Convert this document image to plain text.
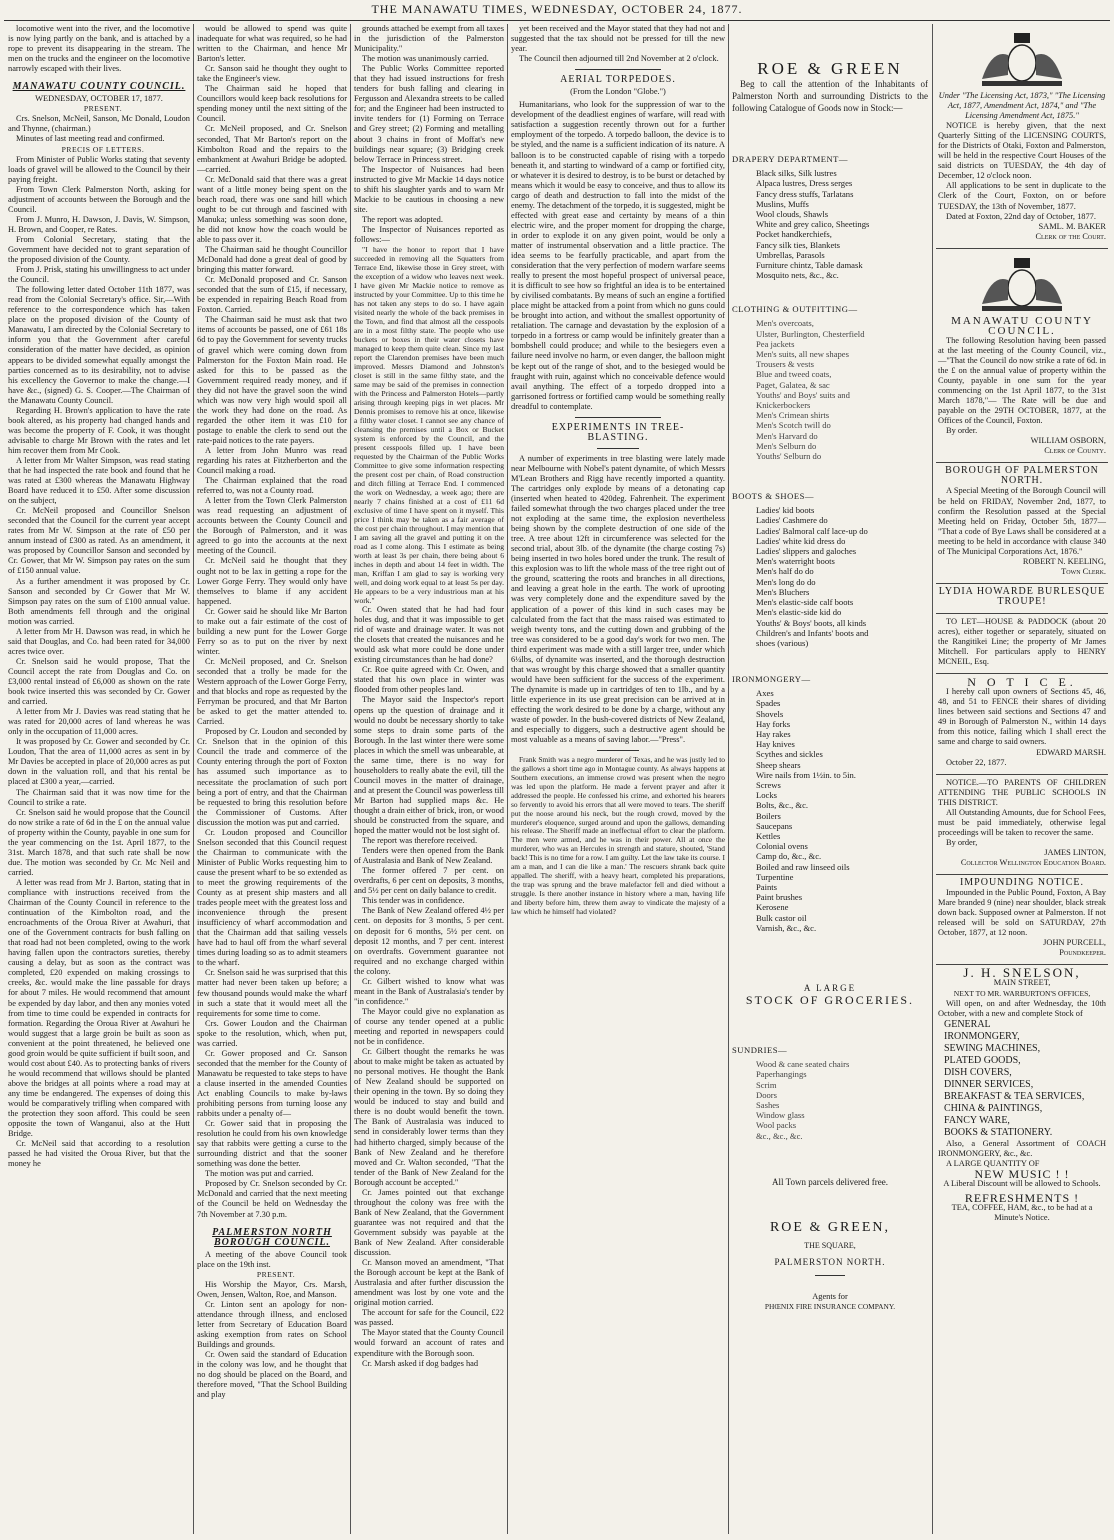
THE MANAWATU TIMES, WEDNESDAY, OCTOBER 24, 1877.

locomotive went into the river, and the locomotive is now lying partly on the bank, and is attached by a rope to prevent its disappearing in the stream. The men on the trucks and the engineer on the locomotive narrowly escaped with their lives.

MANAWATU COUNTY COUNCIL.

WEDNESDAY, OCTOBER 17, 1877.

PRESENT.

Crs. Snelson, McNeil, Sanson, Mc Donald, Loudon and Thynne, (chairman.)

Minutes of last meeting read and confirmed.

PRECIS OF LETTERS.

From Minister of Public Works stating that seventy loads of gravel will be allowed to the Council by their paying freight.

From Town Clerk Palmerston North, asking for adjustment of accounts between the Borough and the Council.

From J. Munro, H. Dawson, J. Davis, W. Simpson, H. Brown, and Cooper, re Rates.

From Colonial Secretary, stating that the Government have decided not to grant separation of the proposed division of the County.

From J. Prisk, stating his unwillingness to act under the Council.

The following letter dated October 11th 1877, was read from the Colonial Secretary's office. Sir,—With reference to the correspondence which has taken place on the proposed division of the County of Manawatu, I am directed by the Colonial Secretary to inform you that the Government after careful consideration of the matter have decided, as opinion appears to be divided somewhat equally amongst the parties concerned as to its desirability, not to advise his excellency the Governor to make the change.—I have &c., (signed) G. S. Cooper.—The Chairman of the Manawatu County Council.

Regarding H. Brown's application to have the rate book altered, as his property had changed hands and was become the property of F. Cook, it was thought advisable to charge Mr Brown with the rates and let him recover them from Mr Cook.

A letter from Mr Walter Simpson, was read stating that he had inspected the rate book and found that he was rated at £300 whereas the Manawatu Highway Board have reduced it to £50. After some discussion on the subject,

Cr. McNeil proposed and Councillor Snelson seconded that the Council for the current year accept rates from Mr W. Simpson at the rate of £50 per annum instead of £300 as rated. As an amendment, it was proposed by Councillor Sanson and seconded by Cr. Gower, that Mr W. Simpson pay rates on the sum of £150 annual value.

As a further amendment it was proposed by Cr. Sanson and seconded by Cr Gower that Mr W. Simpson pay rates on the sum of £100 annual value. Both amendments fell through and the original motion was carried.

A letter from Mr H. Dawson was read, in which he said that Douglas, and Co. had been rated for 34,000 acres twice over.

Cr. Snelson said he would propose, That the Council accept the rate from Douglas and Co. on £3,000 rental instead of £6,000 as shown on the rate book twice inserted this was seconded by Cr. Gower and carried.

A letter from Mr J. Davies was read stating that he was rated for 20,000 acres of land whereas he was only in the occupation of 11,000 acres.

It was proposed by Cr. Gower and seconded by Cr. Loudon, That the area of 11,000 acres as sent in by Mr Davies be accepted in place of 20,000 acres as put down in the valuation roll, and that his rental be placed at £300 a year,—carried.

The Chairman said that it was now time for the Council to strike a rate.

Cr. Snelson said he would propose that the Council do now strike a rate of 6d in the £ on the annual value of property within the County, payable in one sum for the year commencing on the 1st. April 1877, to the 31st. March 1878, and that such rate shall be now due. The motion was seconded by Cr. Mc Neil and carried.

A letter was read from Mr J. Barton, stating that in compliance with instructions received from the Chairman of the County Council in reference to the continuation of the Kimbolton road, and the encroachments of the Oroua River at Awahuri, that one of the Government contracts for bush falling on that road had not been completed, owing to the work having fallen upon the contractors sureties, thereby causing a delay, but as soon as the contract was completed, £20 expended on making crossings to creeks, &c. would make the line passable for drays for about 7 miles. He would recommend that amount be expended by day labor, and then any monies voted from time to time could be expended in contracts for formation. Regarding the Oroua River at Awahuri he would suggest that a large groin be built as soon as convenient at the point threatened, he believed one good groin would be quite sufficient if built soon, and would cost about £40. As to protecting banks of rivers he would recommend that willows should be planted above the bridges at all points where a road may at any time be endangered. The expenses of doing this would be comparatively trifling when compared with the protection they soon afford. This could be seen opposite the town of Wanganui, also at the Hutt Bridge.

Cr. McNeil said that according to a resolution passed he had visited the Oroua River, but that the money he

would be allowed to spend was quite inadequate for what was required, so he had written to the Chairman, and hence Mr Barton's letter.

Cr. Sanson said he thought they ought to take the Engineer's view.

The Chairman said he hoped that Councillors would keep back resolutions for spending money until the next sitting of the Council.

Cr. McNeil proposed, and Cr. Snelson seconded, That Mr Barton's report on the Kimbolton Road and the repairs to the embankment at Awahuri Bridge be adopted.—carried.

Cr. McDonald said that there was a great want of a little money being spent on the beach road, there was one sand hill which ought to be cut through and fascined with Manuka; unless something was soon done, he did not know how the coach would be able to pass over it.

The Chairman said he thought Councillor McDonald had done a great deal of good by bringing this matter forward.

Cr. McDonald proposed and Cr. Sanson seconded that the sum of £15, if necessary, be expended in repairing Beach Road from Foxton. Carried.

The Chairman said he must ask that two items of accounts be passed, one of £61 18s 6d to pay the Government for seventy trucks of gravel which were coming down from Palmerston for the Foxton Main road. He asked for this to be passed as the Government required ready money, and if they did not have the gravel soon the wind which was now very high would spoil all the work they had done on the road. As regarded the other item it was £10 for postage to enable the clerk to send out the rate-paid notices to the rate payers.

A letter from John Munro was read regarding his rates at Fitzherberton and the Council making a road.

The Chairman explained that the road referred to, was not a County road.

A letter from the Town Clerk Palmerston was read requesting an adjustment of accounts between the County Council and the Borough of Palmerston, and it was agreed to go into the accounts at the next meeting of the Council.

Cr. McNeil said he thought that they ought not to be lax in getting a rope for the Lower Gorge Ferry. They would only have themselves to blame if any accident happened.

Cr. Gower said he should like Mr Barton to make out a fair estimate of the cost of building a new punt for the Lower Gorge Ferry so as to put on the river by next winter.

Cr. McNeil proposed, and Cr. Snelson seconded that a trolly be made for the Western approach of the Lower Gorge Ferry, and that blocks and rope as requested by the Ferryman be procured, and that Mr Barton be asked to get the matter attended to. Carried.

Proposed by Cr. Loudon and seconded by Cr. Snelson that in the opinion of this Council the trade and commerce of the County entering through the port of Foxton has assumed such importance as to necessitate the proclamation of such port being a port of entry, and that the Chairman be requested to bring this resolution before the Commissioner of Customs. After discussion the motion was put and carried.

Cr. Loudon proposed and Councillor Snelson seconded that this Council request the Chairman to communicate with the Minister of Public Works requesting him to cause the present wharf to be so extended as to meet the growing requirements of the County as at present ship masters and all trades people meet with the greatest loss and inconvenience through the present insufficiency of wharf accommodation and that the Chairman add that sailing vessels have had to haul off from the wharf several times during loading so as to admit steamers to the wharf.

Cr. Snelson said he was surprised that this matter had never been taken up before; a few thousand pounds would make the wharf in such a state that it would meet all the requirements for some time to come.

Crs. Gower Loudon and the Chairman spoke to the resolution, which, when put, was carried.

Cr. Gower proposed and Cr. Sanson seconded that the member for the County of Manawatu be requested to take steps to have a clause inserted in the amended Counties Act enabling Councils to make by-laws prohibiting persons from turning loose any rabbits under a penalty of—

Cr. Gower said that in proposing the resolution he could from his own knowledge say that rabbits were getting a curse to the surrounding district and that the sooner something was done the better.

The motion was put and carried.

Proposed by Cr. Snelson seconded by Cr. McDonald and carried that the next meeting of the Council be held on Wednesday the 7th November at 7.30 p.m.

PALMERSTON NORTH BOROUGH COUNCIL.

A meeting of the above Council took place on the 19th inst.

PRESENT.

His Worship the Mayor, Crs. Marsh, Owen, Jensen, Walton, Roe, and Manson.

Cr. Linton sent an apology for non-attendance through illness, and enclosed letter from Secretary of Education Board asking exemption from rates on School Buildings and grounds.

Cr. Owen said the standard of Education in the colony was low, and he thought that no dog should be placed on the Board, and therefore moved, "That the School Building and play

grounds attached be exempt from all taxes in the jurisdiction of the Palmerston Municipality."

The motion was unanimously carried.

The Public Works Committee reported that they had issued instructions for fresh tenders for bush falling and clearing in Fergusson and Alexandra streets to be called for; and the Engineer had been instructed to invite tenders for (1) Forming on Terrace and Grey street; (2) Forming and metalling about 3 chains in front of Moffat's new buildings near square; (3) Bridging creek below Terrace in Princess street.

The Inspector of Nuisances had been instructed to give Mr Mackie 14 days notice to shift his slaughter yards and to warn Mr Mackie to be cautious in choosing a new site.

The report was adopted.

The Inspector of Nuisances reported as follows:—

"I have the honor to report that I have succeeded in removing all the Squatters from Terrace End, likewise those in Grey street, with the exception of a widow who leaves next week. I have given Mr Mackie notice to remove as instructed by your Committee. Up to this time he has not taken any steps to do so. I have again visited nearly the whole of the back premises in the Town, and find that almost all the cesspools are in a most filthy state. The people who use buckets or boxes in their water closets have managed to keep them quite clean. Since my last report the Clarendon premises have been much improved. Messrs Diamond and Johnston's closet is still in the same filthy state, and the same may be said of the premises in connection with the Princess and Palmerston Hotels—partly arising through keeping pigs in wet places. Mr Dennis promises to remove his at once, likewise a filthy water closet. I cannot see any chance of cleansing the premises until a Box or Bucket system is enforced by the Council, and the present cesspools filled up. I have been requested by the Chairman of the Public Works Committee to give some information respecting the present cost per chain, of Road construction and ditch filling at Terrace End. I commenced the work on Wednesday, a week ago; there are nearly 7 chains finished at a cost of £11 6d exclusive of time I have spent on it myself. This price I think may be taken as a fair average of the cost per chain throughout. I may mention that I am saving all the gravel and putting it on the road as I come along. This I estimate as being worth at least 3s per chain, there being about 6 inches in depth and about 14 feet in width. The man, Kriffan I am glad to say is working very well, and doing work equal to at least 5s per day. He appears to be a very industrious man at his work."

Cr. Owen stated that he had had four holes dug, and that it was impossible to get rid of waste and drainage water. It was not the closets that created the nuisances and he would ask what more could be done under existing circumstances than he had done?

Cr. Roe quite agreed with Cr. Owen, and stated that his own place in winter was flooded from other peoples land.

The Mayor said the Inspector's report opens up the question of drainage and it would no doubt be necessary shortly to take some steps to drain some parts of the Borough. In the last winter there were some places in which the smell was unbearable, at the same time, there is no way for householders to really abate the evil, till the Council moves in the matter of drainage, and at present the Council was powerless till Mr Barton had supplied maps &c. He thought a drain either of brick, iron, or wood should be constructed from the square, and hoped the matter would not be lost sight of.

The report was therefore received.

Tenders were then opened from the Bank of Australasia and Bank of New Zealand.

The former offered 7 per cent. on overdrafts, 6 per cent on deposits, 3 months, and 5½ per cent on daily balance to credit.

This tender was in confidence.

The Bank of New Zealand offered 4½ per cent. on deposits for 3 months, 5 per cent. on deposit for 6 months, 5½ per cent. on deposit 12 months, and 7 per cent. interest on overdrafts. Government guarantee not required and no exchange charged within the colony.

Cr. Gilbert wished to know what was meant in the Bank of Australasia's tender by "in confidence."

The Mayor could give no explanation as of course any tender opened at a public meeting and reported in newspapers could not be in confidence.

Cr. Gilbert thought the remarks he was about to make might be taken as actuated by no personal motives. He thought the Bank of New Zealand should be supported on their opening in the town. By so doing they would be induced to stay and build and there is no doubt would benefit the town. The Bank of Australasia was induced to send in considerably lower terms than they had hitherto charged, simply because of the Bank of New Zealand and he therefore moved and Cr. Walton seconded, "That the tender of the Bank of New Zealand for the Borough account be accepted."

Cr. James pointed out that exchange throughout the colony was free with the Bank of New Zealand, that the Government guarantee was not required and that the Government subsidy was payable at the Bank of New Zealand. After considerable discussion.

Cr. Manson moved an amendment, "That the Borough account be kept at the Bank of Australasia and after further discussion the amendment was lost by one vote and the original motion carried.

The account for safe for the Council, £22 was passed.

The Mayor stated that the County Council would forward an account of rates and expenditure with the Borough soon.

Cr. Marsh asked if dog badges had

yet been received and the Mayor stated that they had not and suggested that the tax should not be pressed for till the new year.

The Council then adjourned till 2nd November at 2 o'clock.

AERIAL TORPEDOES.
(From the London "Globe.")

Humanitarians, who look for the suppression of war to the development of the deadliest engines of warfare, will read with satisfaction a suggestion recently thrown out for a further employment of the torpedo. A torpedo balloon, the device is to be styled, and the name is a sufficient indication of its nature. A balloon is to be constructed capable of rising with a torpedo beneath it, and starting to windward of a camp or fortified city, or whatever it is desired to destroy, is to be burst or detached by means which it would be easy to conceive, and thus to allow its cargo of death and destruction to fall into the midst of the enemy. The detachment of the torpedo, it is suggested, might be effected with great ease and certainty by means of a thin electric wire, and the proper moment for dropping the charge, in order to explode it on any given point, would be only a matter of instrumental observation and a little practice. The idea seems to be fearfully practicable, and apart from the consideration that the very perfection of modern warfare seems really to present the most hopeful prospect of universal peace, it is difficult to see how so frightful an idea is to be entertained by civilised combatants. By means of such an engine a fortified place might be attacked from a point from which no guns could be brought into action, and without the smallest opportunity of retaliation. The carnage and devastation by the explosion of a torpedo in a fortress or camp would be infinitely greater than a bombshell could produce; and while to the besiegers even a failure need involve no harm, or even danger, the balloon might be kept out of the range of shot, and to the besieged would be fraught with ruin, against which no conceivable defence would avail anything. The effect of a torpedo dropped into a garrisoned fortress or fortified camp would be something really dreadful to contemplate.

EXPERIMENTS IN TREE-BLASTING.

A number of experiments in tree blasting were lately made near Melbourne with Nobel's patent dynamite, of which Messrs M'Lean Brothers and Rigg have recently imported a quantity. The cartridges only explode by means of a detonating cap (inserted when heated to 420deg. Fahrenheit. The experiment failed somewhat through the two charges placed under the tree not exploding at the same time, the explosion nevertheless being shown by the complete destruction of one side of the tree. A tree about 12ft in circumference was selected for the second trial, about 3lb. of the dynamite (the charge costing 7s) being inserted in two holes bored under the trunk. The result of this explosion was to lift the whole mass of the tree right out of the ground, scattering the roots and branches in all directions, and leaving a great hole in the earth. The work of uprooting was very completely done and the expenditure saved by the application of a power of this kind in such cases may be calculated from the fact that the mass raised was estimated to weigh twenty tons, and the cutting down and grubbing of the tree was considered to be a good day's work for two men. The third experiment was made with a still larger tree, under which 6¼lbs, of dynamite was inserted, and the thorough destruction that was wrought by this charge showed that a smaller quantity would have been sufficient for the success of the experiment. The dynamite is made up in cartridges of ten to 1lb., and by a little experience in its use great precision can be arrived at in effecting the work desired to be done by a charge, without any waste of powder. In the bush-covered districts of New Zealand, and especially to diggers, such a destructive agent should be most valuable as a means of saving labor.—"Press".

Frank Smith was a negro murderer of Texas, and he was justly led to the gallows a short time ago in Montague county. As always happens at Southern executions, an immense crowd was present when the negro was led upon the platform. He made a fervent prayer and after it addressed the people. He confessed his crime, and exhorted his hearers so fervently to avoid his errors that all were moved to tears. The sheriff put the noose around his neck, but the rough crowd, moved by the murderer's eloquence, surged around and upon the gallows, demanding his release. The Sheriff made an ineffectual effort to clear the platform. The men were armed, and he was in their power. All at once the murderer, who was an Hercules in strength and stature, shouted, 'Stand back! This is no time for a row. I am guilty. Let the law take its course. I am a man, and I can die like a man.' The rescuers shrank back quite appalled. The sheriff, with a heavy heart, completed his preparations, the trap was sprung and the brave malefactor fell and died without a struggle. Is there another instance in history where a man, having life and liberty before him, threw them away to vindicate the majesty of a law which he himself had violated?

ROE & GREEN

Beg to call the attention of the Inhabitants of Palmerston North and surrounding Districts to the following Catalogue of Goods now in Stock:—

DRAPERY DEPARTMENT—
Black silks, Silk lustres
Alpaca lustres, Dress serges
Fancy dress stuffs, Tarlatans
Muslins, Muffs
Wool clouds, Shawls
White and grey calico, Sheetings
Pocket handkerchiefs,
Fancy silk ties, Blankets
Umbrellas, Parasols
Furniture chintz, Table damask
Mosquito nets, &c., &c.
CLOTHING & OUTFITTING—
Men's overcoats,
Ulster, Burlington, Chesterfield
Pea jackets
Men's suits, all new shapes
Trousers & vests
Blue and tweed coats,
Paget, Galatea, & sac
Youths' and Boys' suits and
Knickerbockers
Men's Crimean shirts
Men's Scotch twill do
Men's Harvard do
Men's Selburn do
Youths' Selburn do
BOOTS & SHOES—
Ladies' kid boots
Ladies' Cashmere do
Ladies' Balmoral calf lace-up do
Ladies' white kid dress do
Ladies' slippers and galoches
Men's waterright boots
Men's half do do
Men's long do do
Men's Bluchers
Men's elastic-side calf boots
Men's elastic-side kid do
Youths' & Boys' boots, all kinds
Children's and Infants' boots and
shoes (various)
IRONMONGERY—
Axes
Spades
Shovels
Hay forks
Hay rakes
Hay knives
Scythes and sickles
Sheep shears
Wire nails from 1½in. to 5in.
Screws
Locks
Bolts, &c., &c.
Boilers
Saucepans
Kettles
Colonial ovens
Camp do, &c., &c.
Boiled and raw linseed oils
Turpentine
Paints
Paint brushes
Kerosene
Bulk castor oil
Varnish, &c., &c.
A LARGE
STOCK OF GROCERIES.
SUNDRIES—
Wood & cane seated chairs
Paperhangings
Scrim
Doors
Sashes
Window glass
Wool packs
&c., &c., &c.
All Town parcels delivered free.
ROE & GREEN,
THE SQUARE,
PALMERSTON NORTH.
Agents for
PHŒNIX FIRE INSURANCE COMPANY.

Under "The Licensing Act, 1873," "The Licensing Act, 1877, Amendment Act, 1874," and "The Licensing Amendment Act, 1875."

NOTICE is hereby given, that the next Quarterly Sitting of the LICENSING COURTS, for the Districts of Otaki, Foxton and Palmerston, will be held in the respective Court Houses of the said districts on TUESDAY, the 4th day of December, 12 o'clock noon.

All applications to be sent in duplicate to the Clerk of the Court, Foxton, on or before TUESDAY, the 13th of November, 1877.

Dated at Foxton, 22nd day of October, 1877.

SAML. M. BAKER

Clerk of the Court.

MANAWATU COUNTY COUNCIL.

The following Resolution having been passed at the last meeting of the County Council, viz.,—"That the Council do now strike a rate of 6d. in the £ on the annual value of property within the County, payable in one sum for the year commencing on the 1st April 1877, to the 31st March 1878,"— The Rate will be due and payable on the 29TH OCTOBER, 1877, at the Offices of the Council, Foxton.

By order.

WILLIAM OSBORN,

Clerk of County.

BOROUGH OF PALMERSTON NORTH.

A Special Meeting of the Borough Council will be held on FRIDAY, November 2nd, 1877, to confirm the Resolution passed at the Special Meeting held on Friday, October 5th, 1877— "That a code of Bye Laws shall be considered at a meeting to be held in accordance with clause 340 of The Municipal Corporations Act, 1876."

ROBERT N. KEELING,

Town Clerk.

LYDIA HOWARDE BURLESQUE TROUPE!

TO LET—HOUSE & PADDOCK (about 20 acres), either together or separately, situated on the Rangitikei Line; the property of Mr James Mitchell. For particulars apply to HENRY MCNEIL, Esq.

N O T I C E.

I hereby call upon owners of Sections 45, 46, 48, and 51 to FENCE their shares of dividing lines between said sections and Sections 47 and 49 in Borough of Palmerston N., within 14 days from this notice, failing which I shall erect the same and charge to said owners.

EDWARD MARSH.

October 22, 1877.

NOTICE.—TO PARENTS OF CHILDREN ATTENDING THE PUBLIC SCHOOLS IN THIS DISTRICT.

All Outstanding Amounts, due for School Fees, must be paid immediately, otherwise legal proceedings will be taken to recover the same.

By order,

JAMES LINTON,

Collector Wellington Education Board.

IMPOUNDING NOTICE.

Impounded in the Public Pound, Foxton, A Bay Mare branded 9 (nine) near shoulder, black streak down back. Supposed owner at Palmerston. If not released will be sold on SATURDAY, 27th October, 1877, at 12 noon.

JOHN PURCELL,

Poundkeeper.

J. H. SNELSON,
MAIN STREET,
NEXT TO MR. WARBURTON'S OFFICES,

Will open, on and after Wednesday, the 10th October, with a new and complete Stock of

GENERAL
IRONMONGERY,
SEWING MACHINES,
PLATED GOODS,
DISH COVERS,
DINNER SERVICES,
BREAKFAST & TEA SERVICES,
CHINA & PAINTINGS,
FANCY WARE,
BOOKS & STATIONERY.

Also, a General Assortment of COACH IRONMONGERY, &c., &c.

A LARGE QUANTITY OF

NEW MUSIC ! !

A Liberal Discount will be allowed to Schools.

REFRESHMENTS !

TEA, COFFEE, HAM, &c., to be had at a Minute's Notice.
